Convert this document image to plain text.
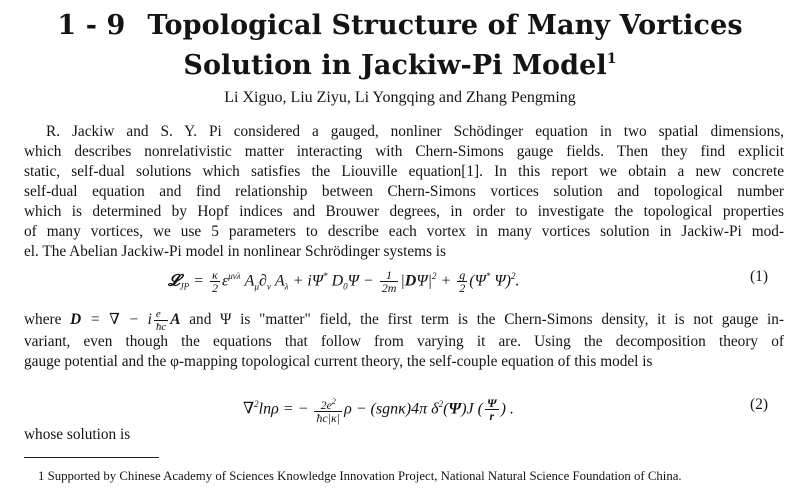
1 - 9 Topological Structure of Many Vortices
Solution in Jackiw-Pi Model$^1$
Li Xiguo, Liu Ziyu, Li Yongqing and Zhang Pengming
R. Jackiw and S. Y. Pi considered a gauged, nonliner Schödinger equation in two spatial dimensions,
which describes nonrelativistic matter interacting with Chern-Simons gauge fields. Then they find explicit
static, self-dual solutions which satisfies the Liouville equation[1]. In this report we obtain a new concrete
self-dual equation and find relationship between Chern-Simons vortices solution and topological number
which is determined by Hopf indices and Brouwer degrees, in order to investigate the topological properties
of many vortices, we use 5 parameters to describe each vortex in many vortices solution in Jackiw-Pi mod-
el. The Abelian Jackiw-Pi model in nonlinear Schrödinger systems is
𝓛$_{JP}$ = $\frac{\kappa}{2} \varepsilon^{\mu\nu\lambda}$ $A_\mu\partial_\nu$ $A_\lambda + i\Psi^*$ $D_0\Psi - \frac{1}{2m} |D\Psi|^2 + \frac{g}{2} (\Psi^*$ Ψ)$^2$.	(1)
where D = ∇ − i $\frac{e}{ħc}$ A and Ψ is "matter" field, the first term is the Chern-Simons density, it is not gauge in-
variant, even though the equations that follow from varying it are. Using the decomposition theory of
gauge potential and the φ-mapping topological current theory, the self-couple equation of this model is
∇$^2$lnρ = − $\frac{2e^2}{ħc|\kappa|}$ ρ − (sgnκ)4π $\delta^2(\Psi)J$ ( $\frac{\Psi}{r}$ ) .	(2)
whose solution is
1 Supported by Chinese Academy of Sciences Knowledge Innovation Project, National Natural Science Foundation of China.
